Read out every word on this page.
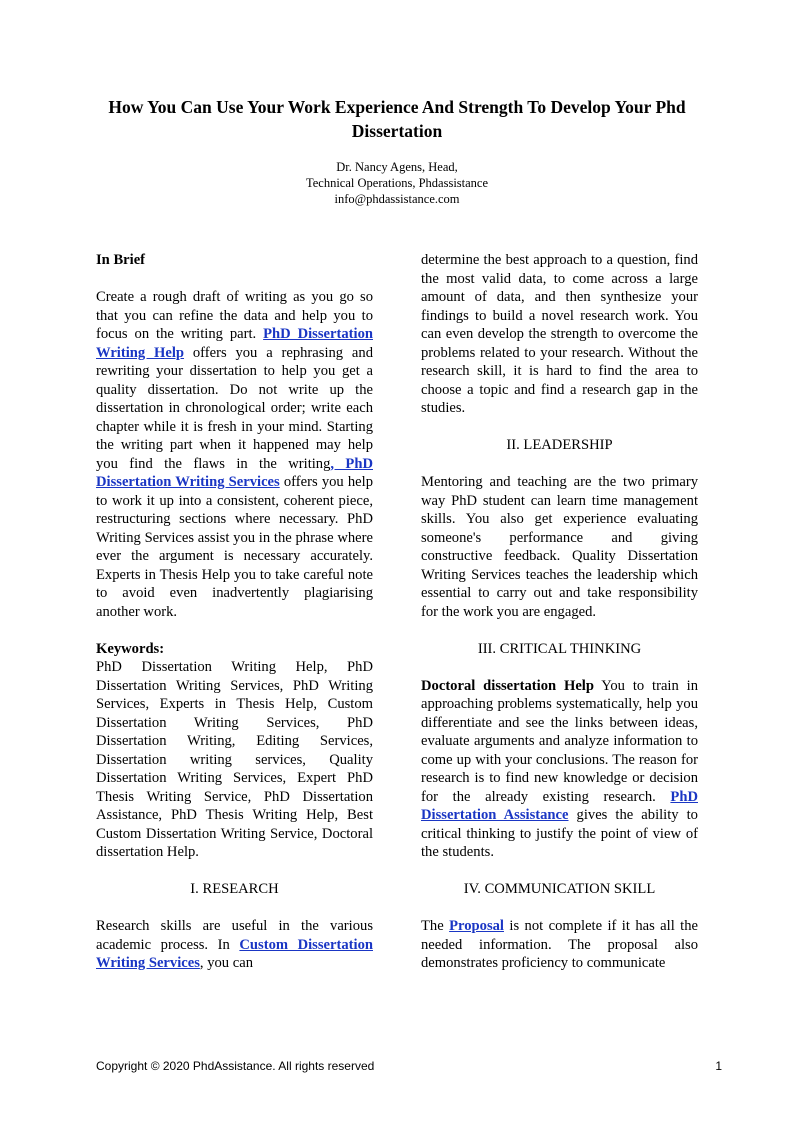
How You Can Use Your Work Experience And Strength To Develop Your Phd Dissertation
Dr. Nancy Agens, Head,
Technical Operations, Phdassistance
info@phdassistance.com

In Brief

Create a rough draft of writing as you go so that you can refine the data and help you to focus on the writing part. PhD Dissertation Writing Help offers you a rephrasing and rewriting your dissertation to help you get a quality dissertation. Do not write up the dissertation in chronological order; write each chapter while it is fresh in your mind. Starting the writing part when it happened may help you find the flaws in the writing, PhD Dissertation Writing Services offers you help to work it up into a consistent, coherent piece, restructuring sections where necessary. PhD Writing Services assist you in the phrase where ever the argument is necessary accurately. Experts in Thesis Help you to take careful note to avoid even inadvertently plagiarising another work.

Keywords:

PhD Dissertation Writing Help, PhD Dissertation Writing Services, PhD Writing Services, Experts in Thesis Help, Custom Dissertation Writing Services, PhD Dissertation Writing, Editing Services, Dissertation writing services, Quality Dissertation Writing Services, Expert PhD Thesis Writing Service, PhD Dissertation Assistance, PhD Thesis Writing Help, Best Custom Dissertation Writing Service, Doctoral dissertation Help.

I. RESEARCH

Research skills are useful in the various academic process. In Custom Dissertation Writing Services, you can

determine the best approach to a question, find the most valid data, to come across a large amount of data, and then synthesize your findings to build a novel research work. You can even develop the strength to overcome the problems related to your research. Without the research skill, it is hard to find the area to choose a topic and find a research gap in the studies.

II. LEADERSHIP

Mentoring and teaching are the two primary way PhD student can learn time management skills. You also get experience evaluating someone's performance and giving constructive feedback. Quality Dissertation Writing Services teaches the leadership which essential to carry out and take responsibility for the work you are engaged.

III. CRITICAL THINKING

Doctoral dissertation Help You to train in approaching problems systematically, help you differentiate and see the links between ideas, evaluate arguments and analyze information to come up with your conclusions. The reason for research is to find new knowledge or decision for the already existing research. PhD Dissertation Assistance gives the ability to critical thinking to justify the point of view of the students.

IV. COMMUNICATION SKILL

The Proposal is not complete if it has all the needed information. The proposal also demonstrates proficiency to communicate

Copyright © 2020 PhdAssistance. All rights reserved	1
